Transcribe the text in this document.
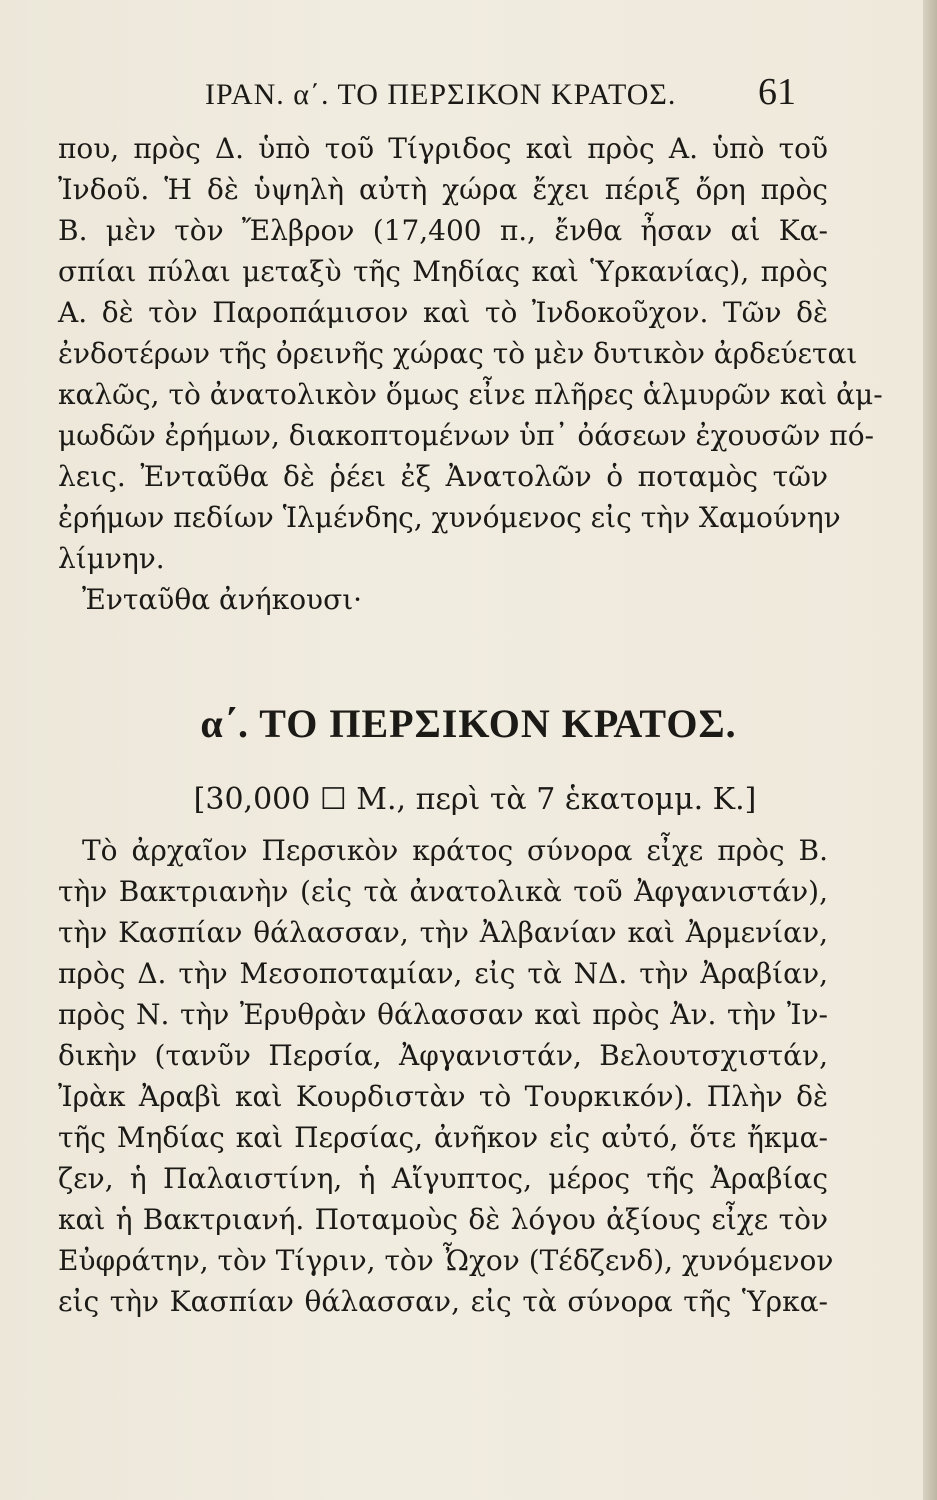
ΙΡΑΝ. α΄. ΤΟ ΠΕΡΣΙΚΟΝ ΚΡΑΤΟΣ.	61
που, πρὸς Δ. ὑπὸ τοῦ Τίγριδος καὶ πρὸς Α. ὑπὸ τοῦ
Ἰνδοῦ. Ἡ δὲ ὑψηλὴ αὐτὴ χώρα ἔχει πέριξ ὄρη πρὸς
Β. μὲν τὸν Ἔλβρον (17,400 π., ἔνθα ἦσαν αἱ Κα-
σπίαι πύλαι μεταξὺ τῆς Μηδίας καὶ Ὑρκανίας), πρὸς
Α. δὲ τὸν Παροπάμισον καὶ τὸ Ἰνδοκοῦχον. Τῶν δὲ
ἐνδοτέρων τῆς ὀρεινῆς χώρας τὸ μὲν δυτικὸν ἀρδεύεται
καλῶς, τὸ ἀνατολικὸν ὅμως εἶνε πλῆρες ἁλμυρῶν καὶ ἀμ-
μωδῶν ἐρήμων, διακοπτομένων ὑπ᾽ ὀάσεων ἐχουσῶν πό-
λεις. Ἐνταῦθα δὲ ῥέει ἐξ Ἀνατολῶν ὁ ποταμὸς τῶν
ἐρήμων πεδίων Ἱλμένδης, χυνόμενος εἰς τὴν Χαμούνην
λίμνην.
Ἐνταῦθα ἀνήκουσι·
α΄. ΤΟ ΠΕΡΣΙΚΟΝ ΚΡΑΤΟΣ.
[30,000 ☐ Μ., περὶ τὰ 7 ἑκατομμ. Κ.]
Τὸ ἀρχαῖον Περσικὸν κράτος σύνορα εἶχε πρὸς Β.
τὴν Βακτριανὴν (εἰς τὰ ἀνατολικὰ τοῦ Ἀφγανιστάν),
τὴν Κασπίαν θάλασσαν, τὴν Ἀλβανίαν καὶ Ἀρμενίαν,
πρὸς Δ. τὴν Μεσοποταμίαν, εἰς τὰ ΝΔ. τὴν Ἀραβίαν,
πρὸς Ν. τὴν Ἐρυθρὰν θάλασσαν καὶ πρὸς Ἀν. τὴν Ἰν-
δικὴν (τανῦν Περσία, Ἀφγανιστάν, Βελουτσχιστάν,
Ἰρὰκ Ἀραβὶ καὶ Κουρδιστὰν τὸ Τουρκικόν). Πλὴν δὲ
τῆς Μηδίας καὶ Περσίας, ἀνῆκον εἰς αὐτό, ὅτε ἤκμα-
ζεν, ἡ Παλαιστίνη, ἡ Αἴγυπτος, μέρος τῆς Ἀραβίας
καὶ ἡ Βακτριανή. Ποταμοὺς δὲ λόγου ἀξίους εἶχε τὸν
Εὐφράτην, τὸν Τίγριν, τὸν Ὦχον (Τέδζενδ), χυνόμενον
εἰς τὴν Κασπίαν θάλασσαν, εἰς τὰ σύνορα τῆς Ὑρκα-
